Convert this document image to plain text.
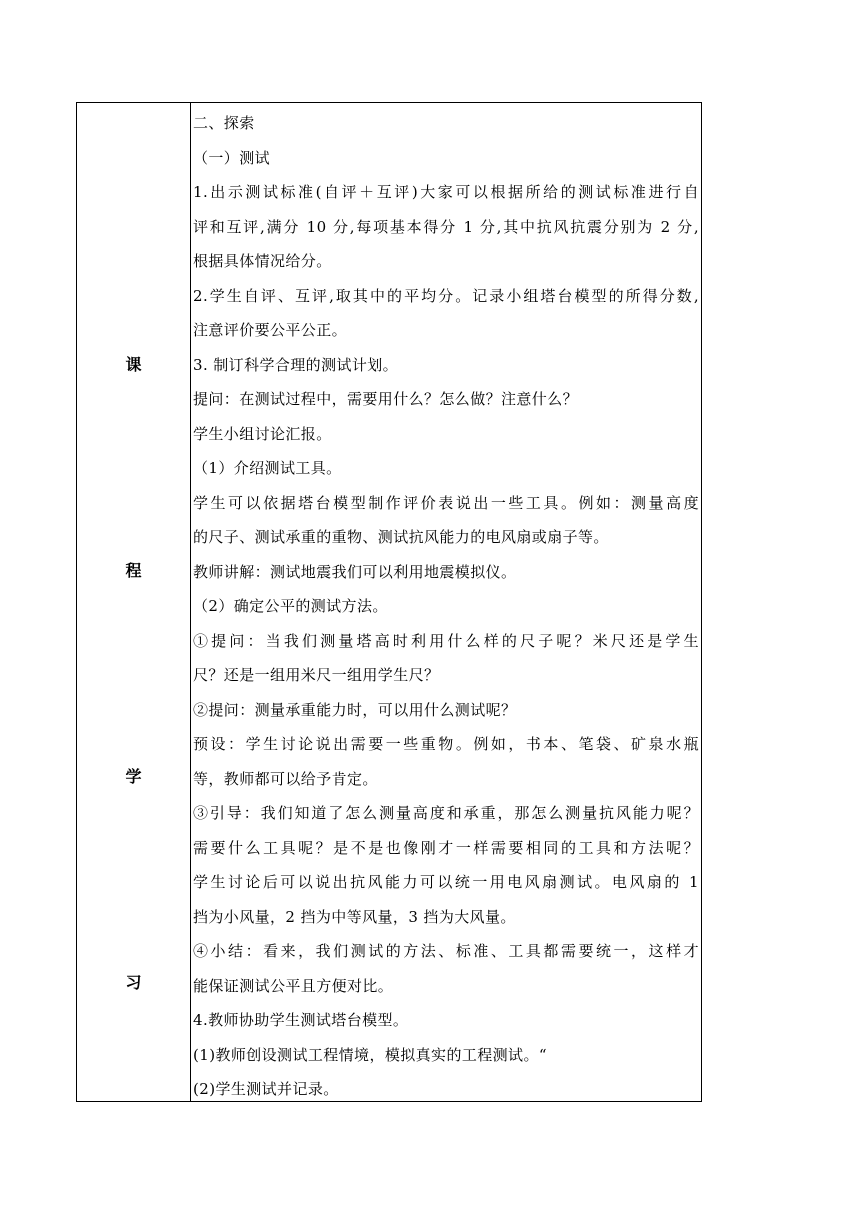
课
程
学
习
二、探索
（一）测试
1.出示测试标准(自评＋互评)大家可以根据所给的测试标准进行自
评和互评,满分 10 分,每项基本得分 1 分,其中抗风抗震分别为 2 分,
根据具体情况给分。
2.学生自评、互评,取其中的平均分。记录小组塔台模型的所得分数,
注意评价要公平公正。
3. 制订科学合理的测试计划。
提问：在测试过程中，需要用什么？怎么做？注意什么？
学生小组讨论汇报。
（1）介绍测试工具。
学生可以依据塔台模型制作评价表说出一些工具。例如：测量高度
的尺子、测试承重的重物、测试抗风能力的电风扇或扇子等。
教师讲解：测试地震我们可以利用地震模拟仪。
（2）确定公平的测试方法。
①提问：当我们测量塔高时利用什么样的尺子呢？米尺还是学生
尺？还是一组用米尺一组用学生尺？
②提问：测量承重能力时，可以用什么测试呢？
预设：学生讨论说出需要一些重物。例如，书本、笔袋、矿泉水瓶
等，教师都可以给予肯定。
③引导：我们知道了怎么测量高度和承重，那怎么测量抗风能力呢？
需要什么工具呢？是不是也像刚才一样需要相同的工具和方法呢？
学生讨论后可以说出抗风能力可以统一用电风扇测试。电风扇的 1
挡为小风量，2 挡为中等风量，3 挡为大风量。
④小结：看来，我们测试的方法、标准、工具都需要统一，这样才
能保证测试公平且方便对比。
4.教师协助学生测试塔台模型。
(1)教师创设测试工程情境，模拟真实的工程测试。“
(2)学生测试并记录。
